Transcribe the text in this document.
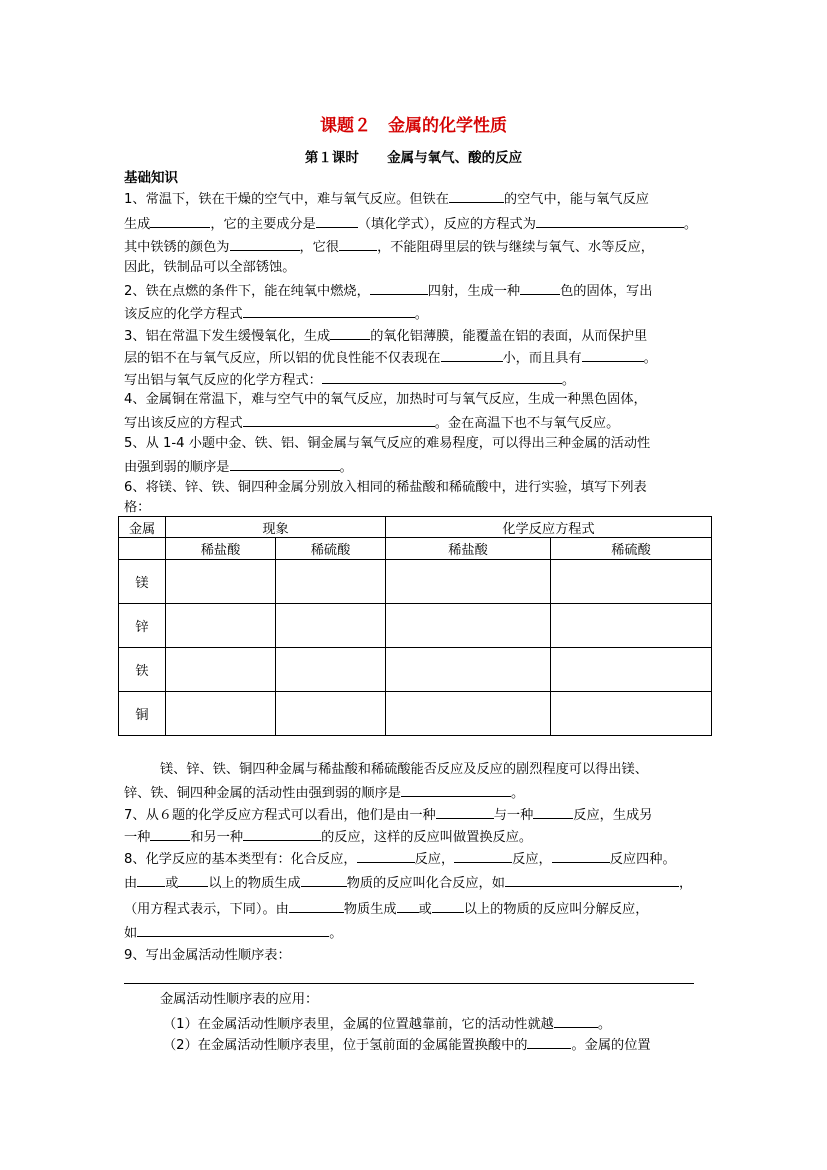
课题２　金属的化学性质
第１课时      金属与氧气、酸的反应
基础知识
1、常温下，铁在干燥的空气中，难与氧气反应。但铁在	的空气中，能与氧气反应
生成	，它的主要成分是	（填化学式），反应的方程式为	。
其中铁锈的颜色为	，它很	，不能阻碍里层的铁与继续与氧气、水等反应，
因此，铁制品可以全部锈蚀。
2、铁在点燃的条件下，能在纯氧中燃烧，	四射，生成一种	色的固体，写出
该反应的化学方程式	。
3、铝在常温下发生缓慢氧化，生成	的氧化铝薄膜，能覆盖在铝的表面，从而保护里
层的铝不在与氧气反应，所以铝的优良性能不仅表现在	小，而且具有	。
写出铝与氧气反应的化学方程式：	。
4、金属铜在常温下，难与空气中的氧气反应，加热时可与氧气反应，生成一种黑色固体，
写出该反应的方程式	。金在高温下也不与氧气反应。
5、从 1-4 小题中金、铁、铝、铜金属与氧气反应的难易程度，可以得出三种金属的活动性
由强到弱的顺序是	。
6、将镁、锌、铁、铜四种金属分别放入相同的稀盐酸和稀硫酸中，进行实验，填写下列表
格：
金属	现象		化学反应方程式	
	稀盐酸	稀硫酸	稀盐酸	稀硫酸
镁				
锌				
铁				
铜				
镁、锌、铁、铜四种金属与稀盐酸和稀硫酸能否反应及反应的剧烈程度可以得出镁、
锌、铁、铜四种金属的活动性由强到弱的顺序是	。
7、从６题的化学反应方程式可以看出，他们是由一种	与一种	反应，生成另
一种	和另一种	的反应，这样的反应叫做置换反应。
8、化学反应的基本类型有：化合反应，	反应，	反应，	反应四种。
由 或 以上的物质生成	物质的反应叫化合反应，如	，
（用方程式表示，下同）。由	物质生成 或 以上的物质的反应叫分解反应，
如	。
9、写出金属活动性顺序表：
金属活动性顺序表的应用：
（1）在金属活动性顺序表里，金属的位置越靠前，它的活动性就越	。
（2）在金属活动性顺序表里，位于氢前面的金属能置换酸中的	。金属的位置
